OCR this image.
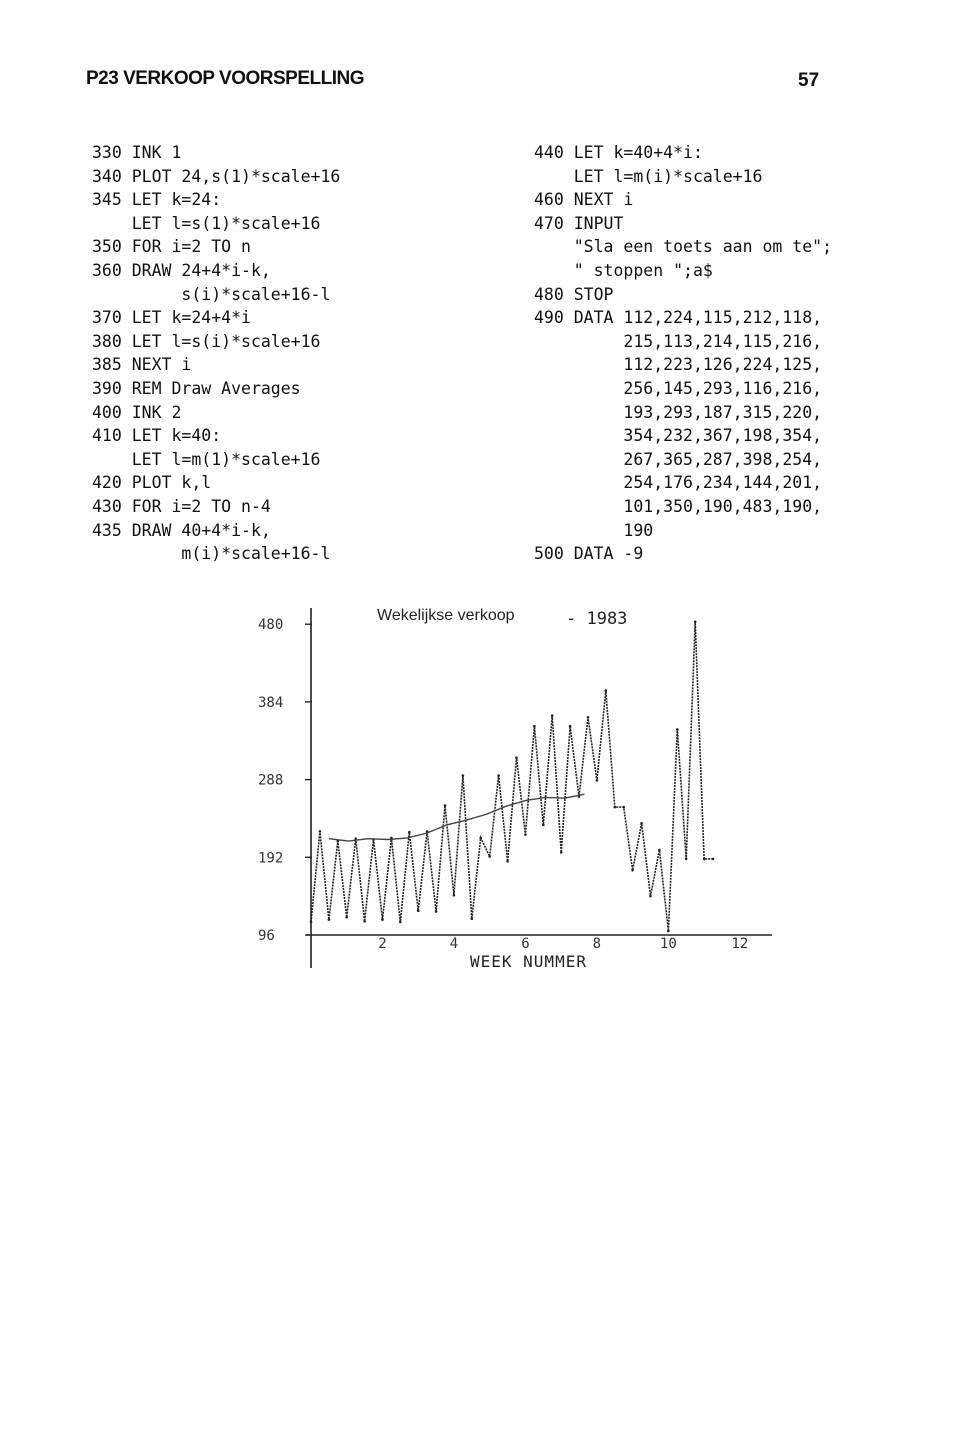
P23 VERKOOP VOORSPELLING	57
330 INK 1
340 PLOT 24,s(1)*scale+16
345 LET k=24:
LET l=s(1)*scale+16
350 FOR i=2 TO n
360 DRAW 24+4*i-k,
s(i)*scale+16-l
370 LET k=24+4*i
380 LET l=s(i)*scale+16
385 NEXT i
390 REM Draw Averages
400 INK 2
410 LET k=40:
LET l=m(1)*scale+16
420 PLOT k,l
430 FOR i=2 TO n-4
435 DRAW 40+4*i-k,
m(i)*scale+16-l
440 LET k=40+4*i:
LET l=m(i)*scale+16
460 NEXT i
470 INPUT
"Sla een toets aan om te";
" stoppen ";a$
480 STOP
490 DATA 112,224,115,212,118,
215,113,214,115,216,
112,223,126,224,125,
256,145,293,116,216,
193,293,187,315,220,
354,232,367,198,354,
267,365,287,398,254,
254,176,234,144,201,
101,350,190,483,190,
190
500 DATA -9
Wekelijkse verkoop	- 1983
WEEK NUMMER
96
192
288
384
480
2	4	6	8	10	12
